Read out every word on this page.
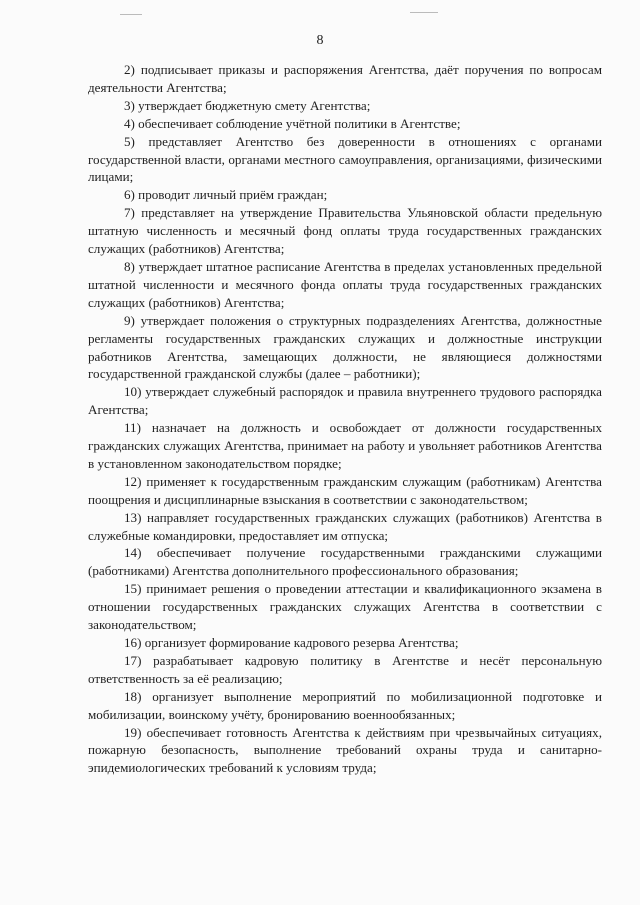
8

2) подписывает приказы и распоряжения Агентства, даёт поручения по вопросам деятельности Агентства;

3) утверждает бюджетную смету Агентства;

4) обеспечивает соблюдение учётной политики в Агентстве;

5) представляет Агентство без доверенности в отношениях с органами государственной власти, органами местного самоуправления, организациями, физическими лицами;

6) проводит личный приём граждан;

7) представляет на утверждение Правительства Ульяновской области предельную штатную численность и месячный фонд оплаты труда государственных гражданских служащих (работников) Агентства;

8) утверждает штатное расписание Агентства в пределах установленных предельной штатной численности и месячного фонда оплаты труда государственных гражданских служащих (работников) Агентства;

9) утверждает положения о структурных подразделениях Агентства, должностные регламенты государственных гражданских служащих и должностные инструкции работников Агентства, замещающих должности, не являющиеся должностями государственной гражданской службы (далее – работники);

10) утверждает служебный распорядок и правила внутреннего трудового распорядка Агентства;

11) назначает на должность и освобождает от должности государственных гражданских служащих Агентства, принимает на работу и увольняет работников Агентства в установленном законодательством порядке;

12) применяет к государственным гражданским служащим (работникам) Агентства поощрения и дисциплинарные взыскания в соответствии с законодательством;

13) направляет государственных гражданских служащих (работников) Агентства в служебные командировки, предоставляет им отпуска;

14) обеспечивает получение государственными гражданскими служащими (работниками) Агентства дополнительного профессионального образования;

15) принимает решения о проведении аттестации и квалификационного экзамена в отношении государственных гражданских служащих Агентства в соответствии с законодательством;

16) организует формирование кадрового резерва Агентства;

17) разрабатывает кадровую политику в Агентстве и несёт персональную ответственность за её реализацию;

18) организует выполнение мероприятий по мобилизационной подготовке и мобилизации, воинскому учёту, бронированию военнообязанных;

19) обеспечивает готовность Агентства к действиям при чрезвычайных ситуациях, пожарную безопасность, выполнение требований охраны труда и санитарно-эпидемиологических требований к условиям труда;
